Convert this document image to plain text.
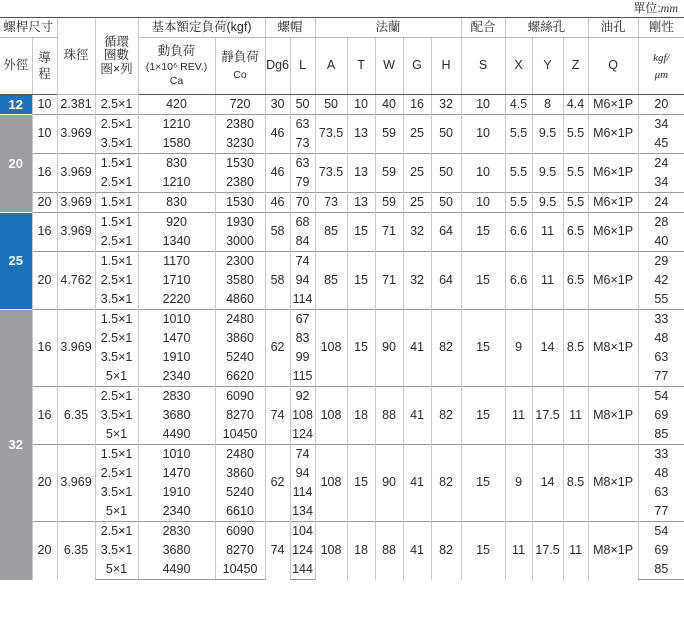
單位:mm
螺桿尺寸		珠徑	循環
圈數
圈×列	基本額定負荷(kgf)		螺帽		法蘭					配合	螺絲孔			油孔	剛性
外徑	導程			動負荷
(1×10⁶ REV.)
Ca	靜負荷
Co	Dg6	L	A	T	W	G	H	S	X	Y	Z	Q	kgf/
μm
12	10	2.381	2.5×1	420	720	30	50	50	10	40	16	32	10	4.5	8	4.4	M6×1P	20
20	10	3.969	2.5×1	1210	2380	46	63	73.5	13	59	25	50	10	5.5	9.5	5.5	M6×1P	34
			3.5×1	1580	3230		73											45
	16	3.969	1.5×1	830	1530	46	63	73.5	13	59	25	50	10	5.5	9.5	5.5	M6×1P	24
			2.5×1	1210	2380		79											34
	20	3.969	1.5×1	830	1530	46	70	73	13	59	25	50	10	5.5	9.5	5.5	M6×1P	24
25	16	3.969	1.5×1	920	1930	58	68	85	15	71	32	64	15	6.6	11	6.5	M6×1P	28
			2.5×1	1340	3000		84											40
	20	4.762	1.5×1	1170	2300	58	74	85	15	71	32	64	15	6.6	11	6.5	M6×1P	29
			2.5×1	1710	3580		94											42
			3.5×1	2220	4860		114											55
32	16	3.969	1.5×1	1010	2480	62	67	108	15	90	41	82	15	9	14	8.5	M8×1P	33
			2.5×1	1470	3860		83											48
			3.5×1	1910	5240		99											63
			5×1	2340	6620		115											77
	16	6.35	2.5×1	2830	6090	74	92	108	18	88	41	82	15	11	17.5	11	M8×1P	54
			3.5×1	3680	8270		108											69
			5×1	4490	10450		124											85
	20	3.969	1.5×1	1010	2480	62	74	108	15	90	41	82	15	9	14	8.5	M8×1P	33
			2.5×1	1470	3860		94											48
			3.5×1	1910	5240		114											63
			5×1	2340	6610		134											77
	20	6.35	2.5×1	2830	6090	74	104	108	18	88	41	82	15	11	17.5	11	M8×1P	54
			3.5×1	3680	8270		124											69
			5×1	4490	10450		144											85
